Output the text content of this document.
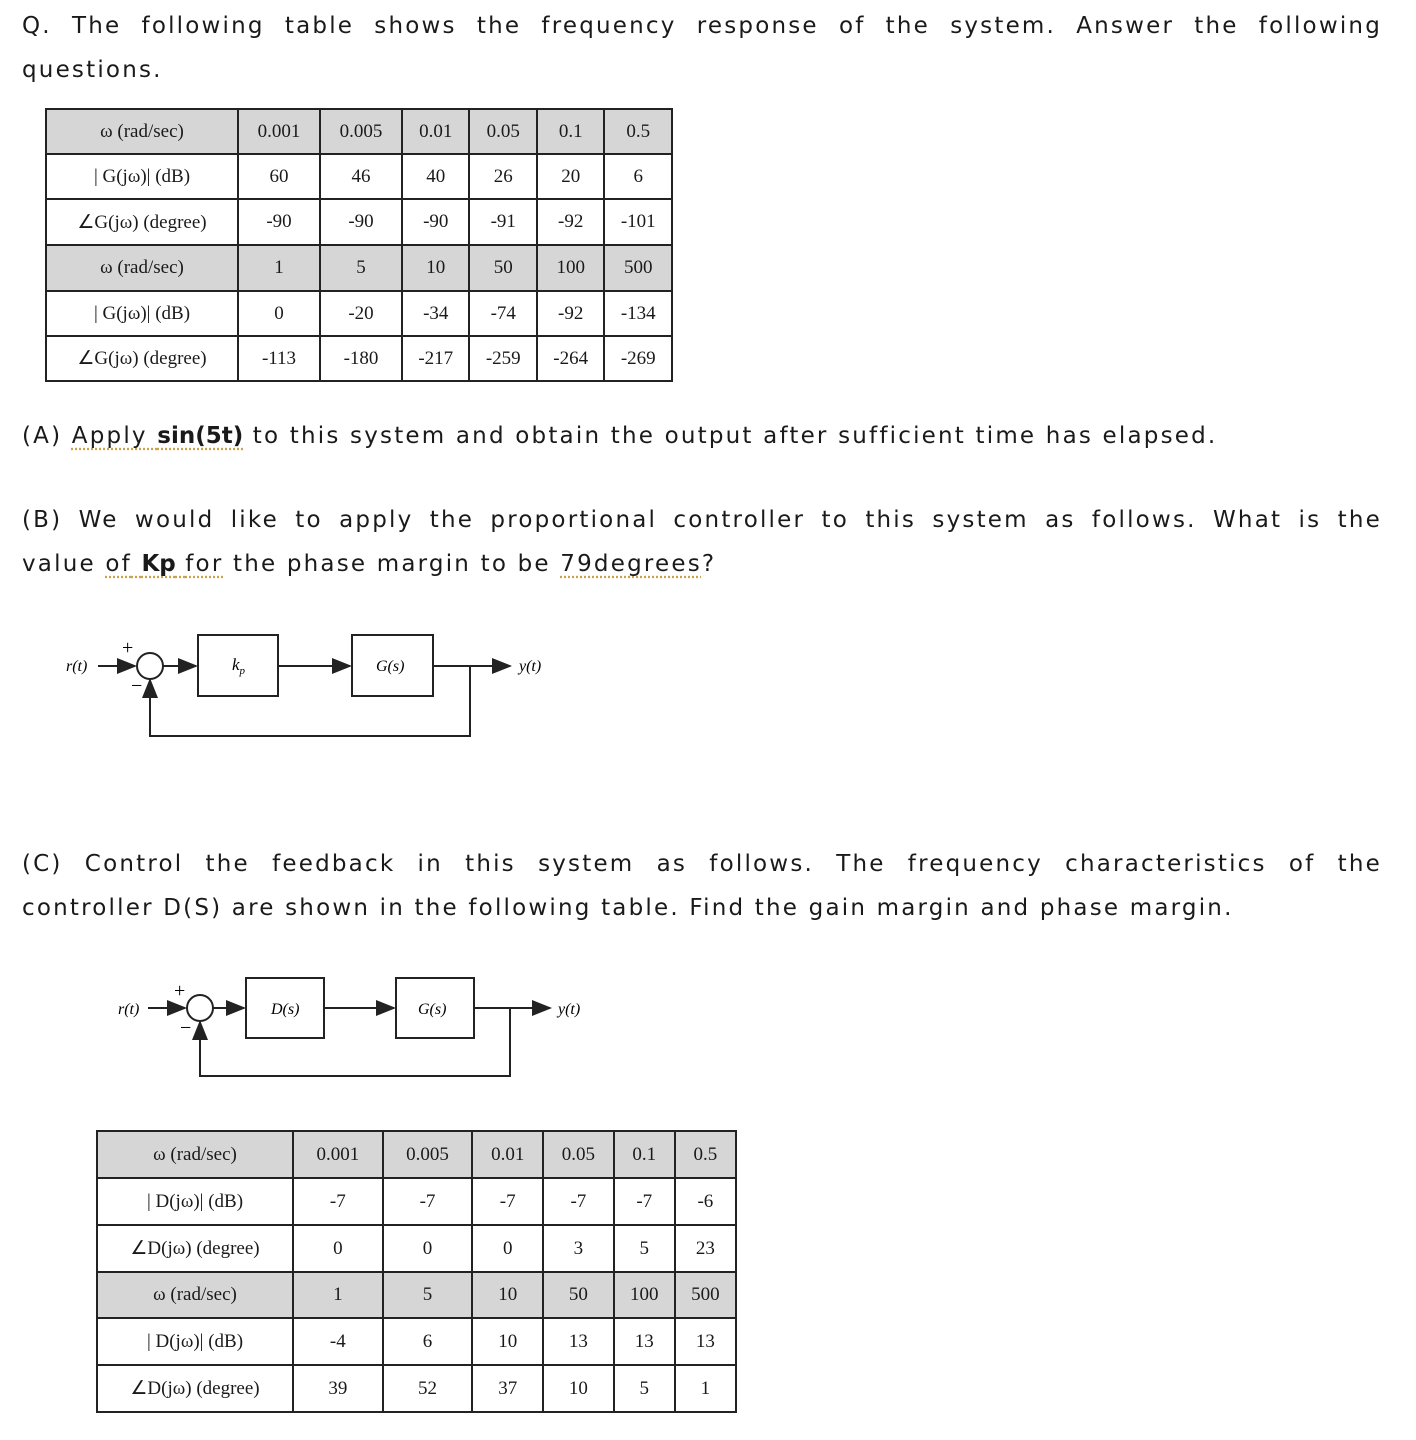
Q. The following table shows the frequency response of the system. Answer the following

questions.

ω (rad/sec)	0.001	0.005	0.01	0.05	0.1	0.5
| G(jω)| (dB)	60	46	40	26	20	6
∠G(jω) (degree)	-90	-90	-90	-91	-92	-101
ω (rad/sec)	1	5	10	50	100	500
| G(jω)| (dB)	0	-20	-34	-74	-92	-134
∠G(jω) (degree)	-113	-180	-217	-259	-264	-269

(A) Apply sin(5t) to this system and obtain the output after sufficient time has elapsed.

(B) We would like to apply the proportional controller to this system as follows. What is the

value of Kp for the phase margin to be 79degrees?

r(t)
+
−
$k_p$	G(s)	y(t)

(C) Control the feedback in this system as follows. The frequency characteristics of the

controller D(S) are shown in the following table. Find the gain margin and phase margin.

r(t)
+
−
D(s)	G(s)	y(t)
ω (rad/sec)	0.001	0.005	0.01	0.05	0.1	0.5
| D(jω)| (dB)	-7	-7	-7	-7	-7	-6
∠D(jω) (degree)	0	0	0	3	5	23
ω (rad/sec)	1	5	10	50	100	500
| D(jω)| (dB)	-4	6	10	13	13	13
∠D(jω) (degree)	39	52	37	10	5	1
